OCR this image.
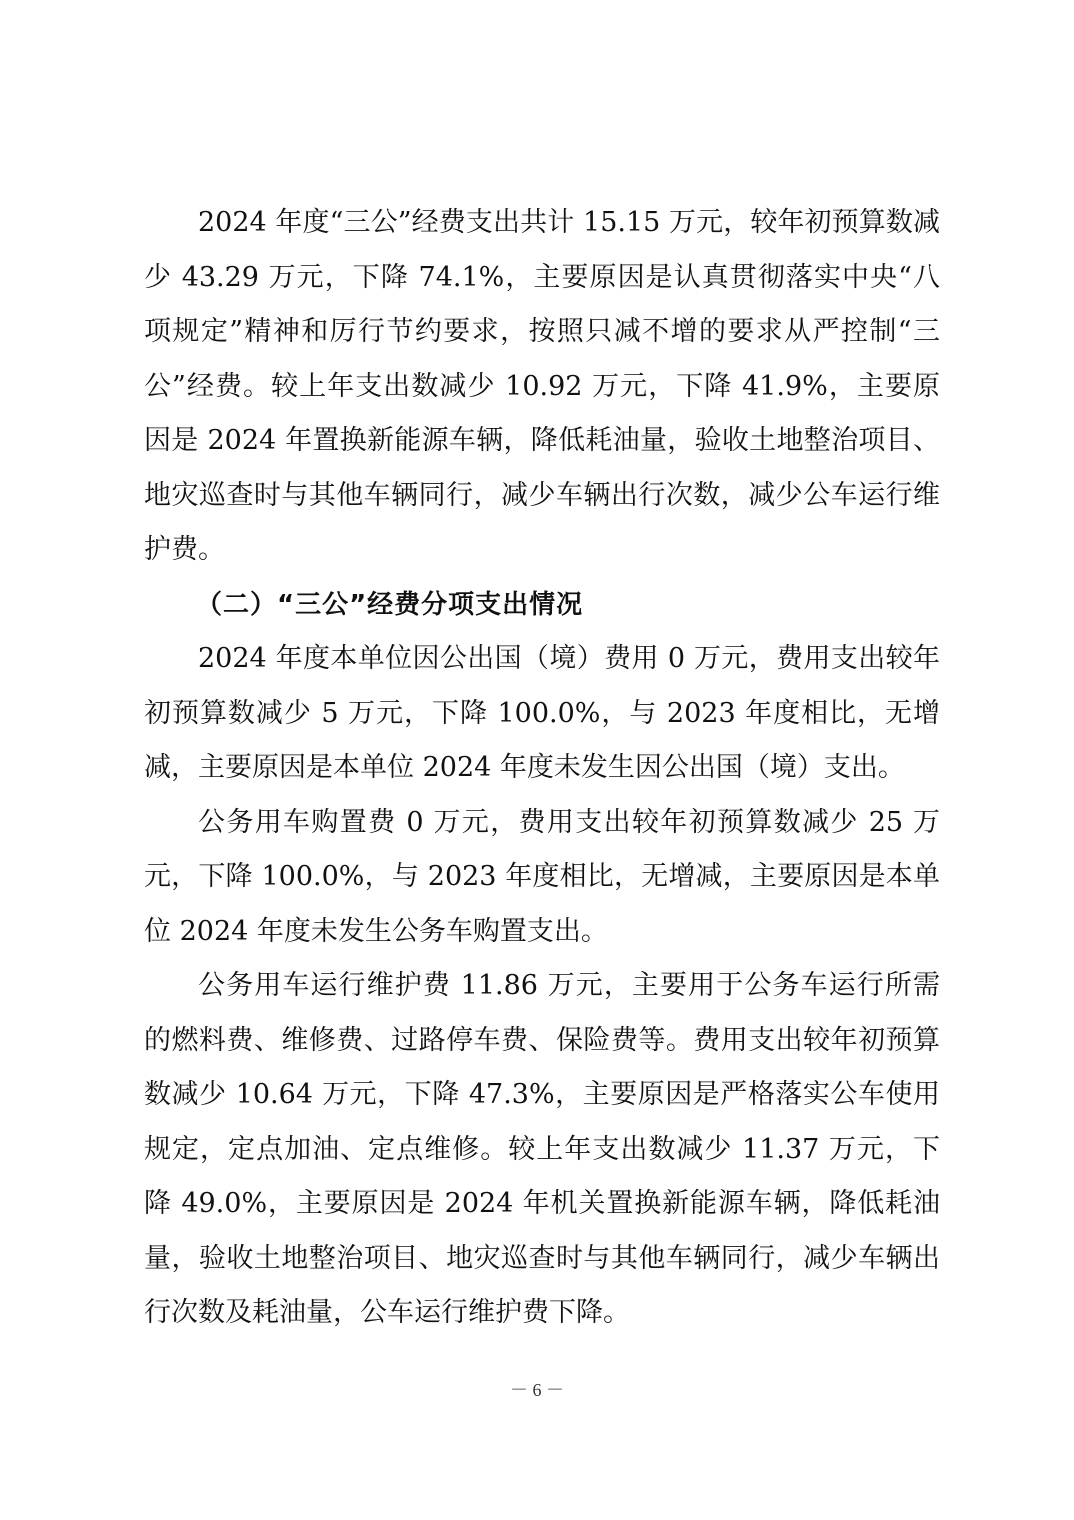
2024 年度“三公”经费支出共计 15.15 万元，较年初预算数减少 43.29 万元，下降 74.1%，主要原因是认真贯彻落实中央“八项规定”精神和厉行节约要求，按照只减不增的要求从严控制“三公”经费。较上年支出数减少 10.92 万元，下降 41.9%，主要原因是 2024 年置换新能源车辆，降低耗油量，验收土地整治项目、地灾巡查时与其他车辆同行，减少车辆出行次数，减少公车运行维护费。

（二）“三公”经费分项支出情况

2024 年度本单位因公出国（境）费用 0 万元，费用支出较年初预算数减少 5 万元，下降 100.0%，与 2023 年度相比，无增减，主要原因是本单位 2024 年度未发生因公出国（境）支出。

公务用车购置费 0 万元，费用支出较年初预算数减少 25 万元，下降 100.0%，与 2023 年度相比，无增减，主要原因是本单位 2024 年度未发生公务车购置支出。

公务用车运行维护费 11.86 万元，主要用于公务车运行所需的燃料费、维修费、过路停车费、保险费等。费用支出较年初预算数减少 10.64 万元，下降 47.3%，主要原因是严格落实公车使用规定，定点加油、定点维修。较上年支出数减少 11.37 万元，下降 49.0%，主要原因是 2024 年机关置换新能源车辆，降低耗油量，验收土地整治项目、地灾巡查时与其他车辆同行，减少车辆出行次数及耗油量，公车运行维护费下降。

－ 6 －
